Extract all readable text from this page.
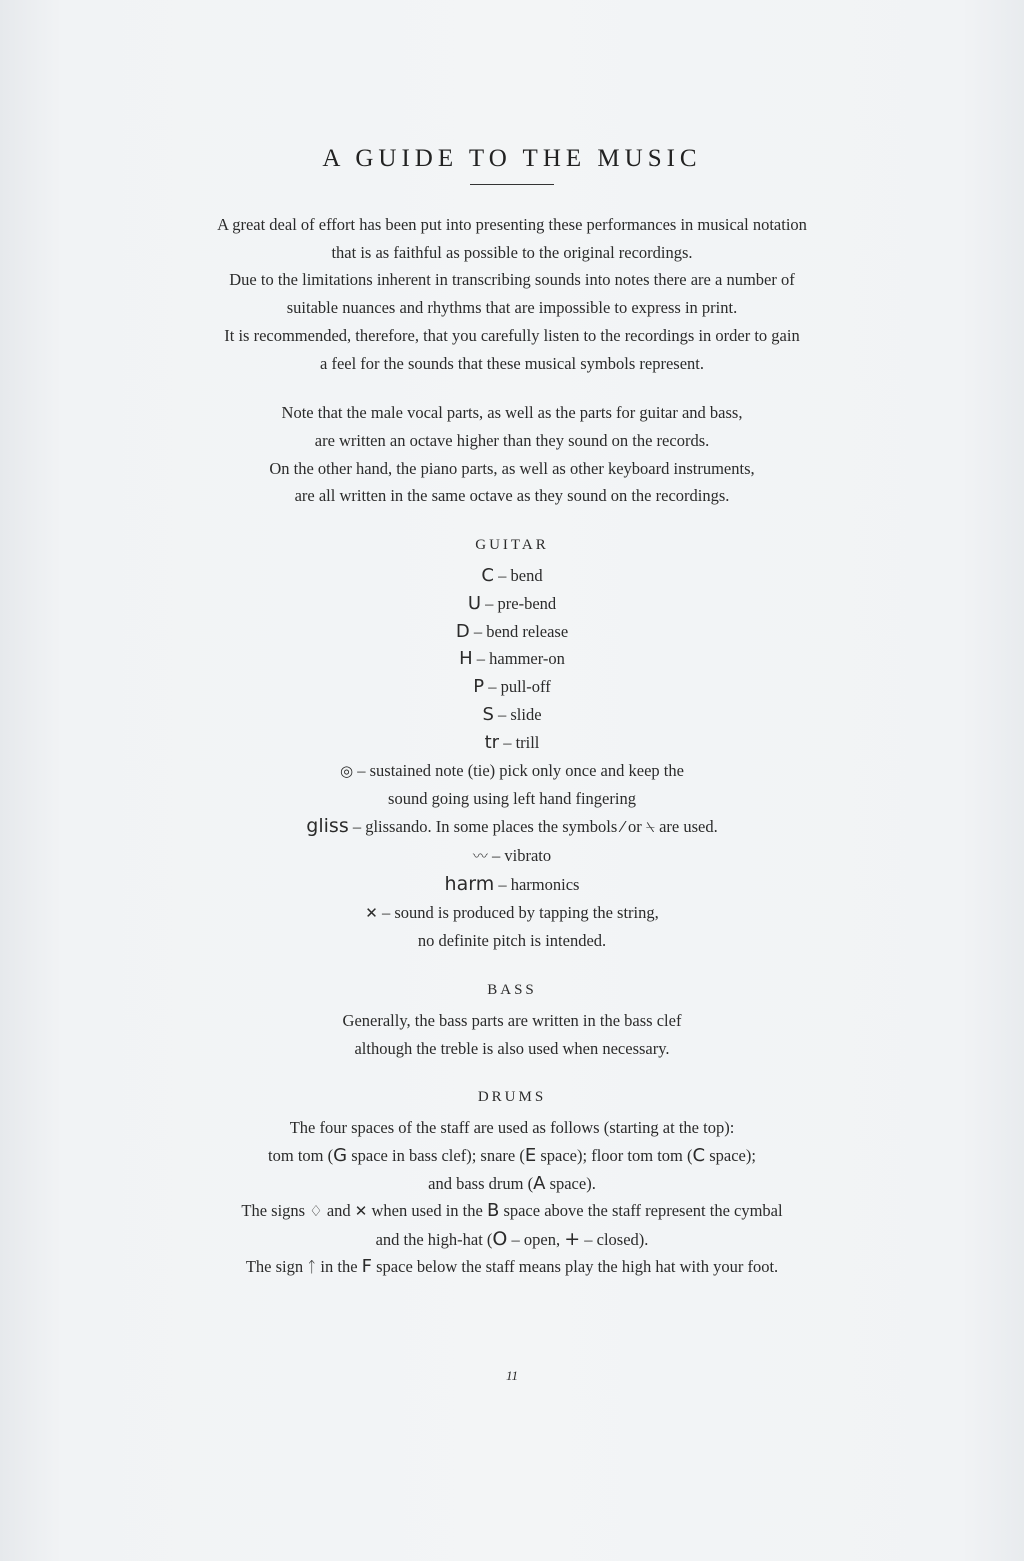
A GUIDE TO THE MUSIC

A great deal of effort has been put into presenting these performances in musical notation

that is as faithful as possible to the original recordings.

Due to the limitations inherent in transcribing sounds into notes there are a number of

suitable nuances and rhythms that are impossible to express in print.

It is recommended, therefore, that you carefully listen to the recordings in order to gain

a feel for the sounds that these musical symbols represent.

Note that the male vocal parts, as well as the parts for guitar and bass,

are written an octave higher than they sound on the records.

On the other hand, the piano parts, as well as other keyboard instruments,

are all written in the same octave as they sound on the recordings.

GUITAR

C – bend

U – pre-bend

D – bend release

H – hammer-on

P – pull-off

S – slide

tr – trill

◎ – sustained note (tie) pick only once and keep the

sound going using left hand fingering

gliss – glissando. In some places the symbols ⁄ or ⍀ are used.

〰 – vibrato

harm – harmonics

✕ – sound is produced by tapping the string,

no definite pitch is intended.

BASS

Generally, the bass parts are written in the bass clef

although the treble is also used when necessary.

DRUMS

The four spaces of the staff are used as follows (starting at the top):

tom tom (G space in bass clef); snare (E space); floor tom tom (C space);

and bass drum (A space).

The signs ♢ and ✕ when used in the B space above the staff represent the cymbal

and the high-hat (O – open, + – closed).

The sign ᛏ in the F space below the staff means play the high hat with your foot.

11
